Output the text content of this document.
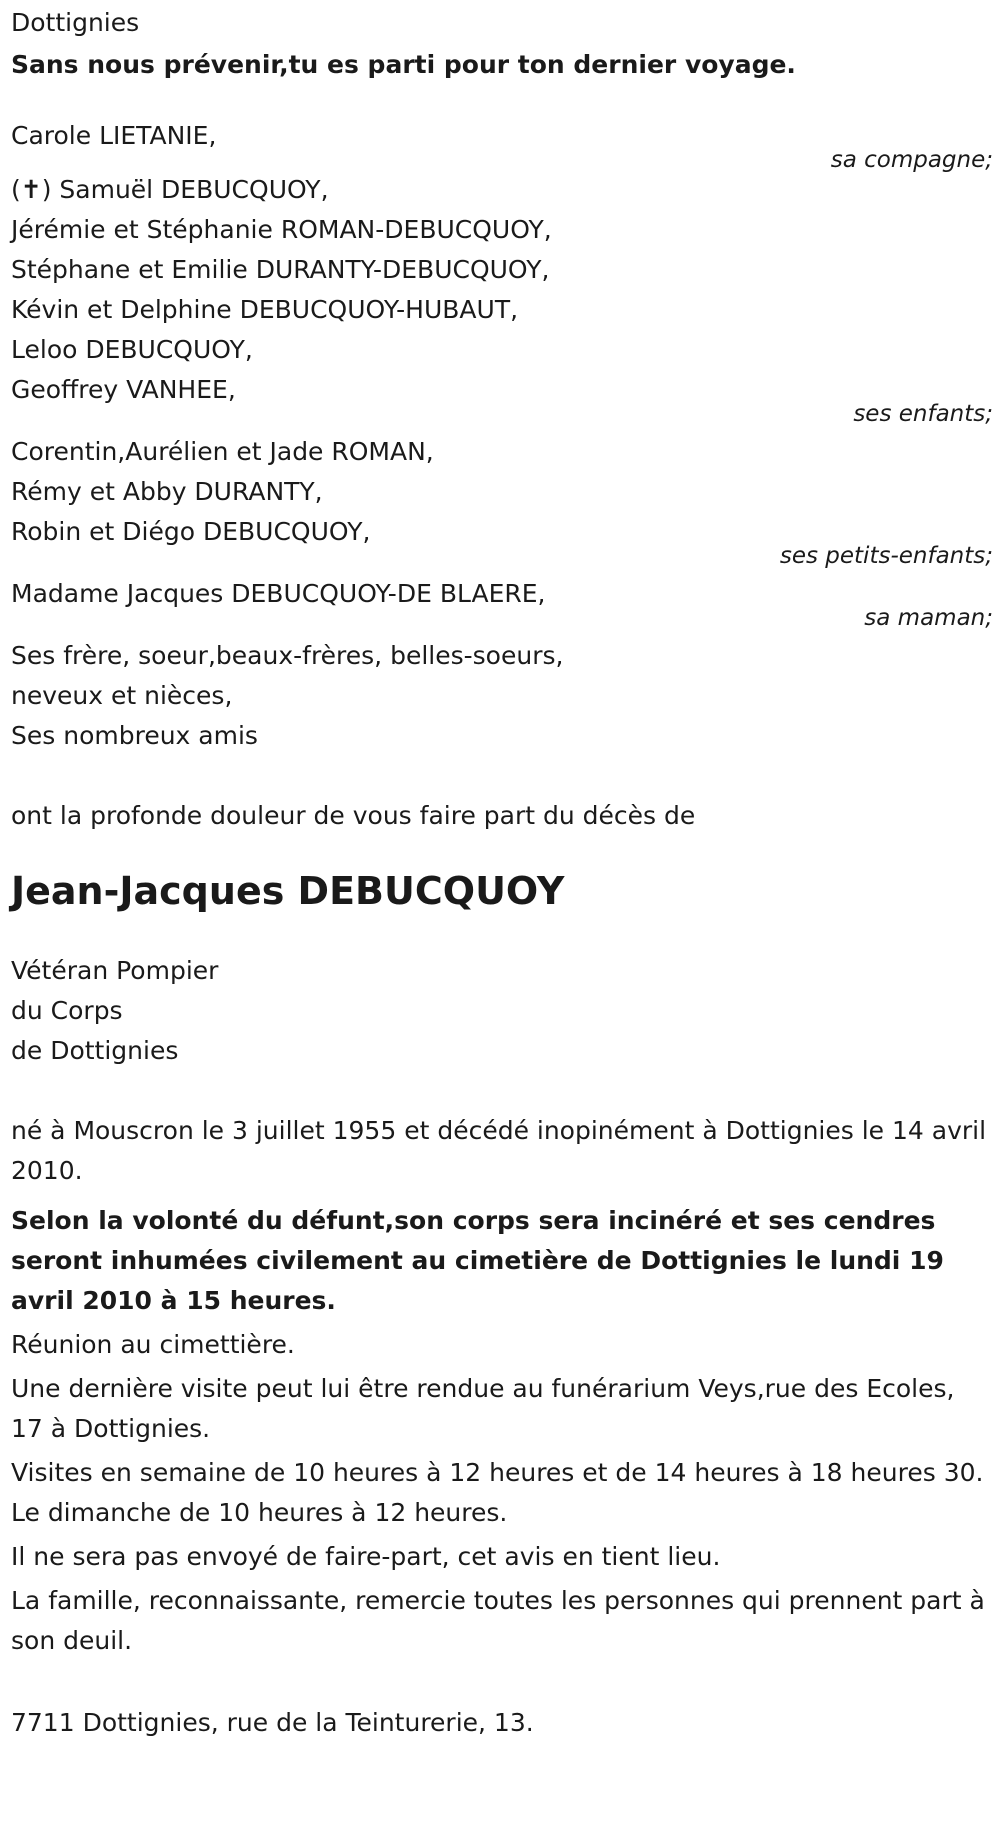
Dottignies
Sans nous prévenir,tu es parti pour ton dernier voyage.
Carole LIETANIE,
sa compagne;
(✝) Samuël DEBUCQUOY,
Jérémie et Stéphanie ROMAN-DEBUCQUOY,
Stéphane et Emilie DURANTY-DEBUCQUOY,
Kévin et Delphine DEBUCQUOY-HUBAUT,
Leloo DEBUCQUOY,
Geoffrey VANHEE,
ses enfants;
Corentin,Aurélien et Jade ROMAN,
Rémy et Abby DURANTY,
Robin et Diégo DEBUCQUOY,
ses petits-enfants;
Madame Jacques DEBUCQUOY-DE BLAERE,
sa maman;
Ses frère, soeur,beaux-frères, belles-soeurs,
neveux et nièces,
Ses nombreux amis
ont la profonde douleur de vous faire part du décès de
Jean-Jacques DEBUCQUOY
Vétéran Pompier
du Corps
de Dottignies
né à Mouscron le 3 juillet 1955 et décédé inopinément à Dottignies le 14 avril 2010.
Selon la volonté du défunt,son corps sera incinéré et ses cendres seront inhumées civilement au cimetière de Dottignies le lundi 19 avril 2010 à 15 heures.
Réunion au cimettière.
Une dernière visite peut lui être rendue au funérarium Veys,rue des Ecoles, 17 à Dottignies.
Visites en semaine de 10 heures à 12 heures et de 14 heures à 18 heures 30. Le dimanche de 10 heures à 12 heures.
Il ne sera pas envoyé de faire-part, cet avis en tient lieu.
La famille, reconnaissante, remercie toutes les personnes qui prennent part à son deuil.
7711 Dottignies, rue de la Teinturerie, 13.
